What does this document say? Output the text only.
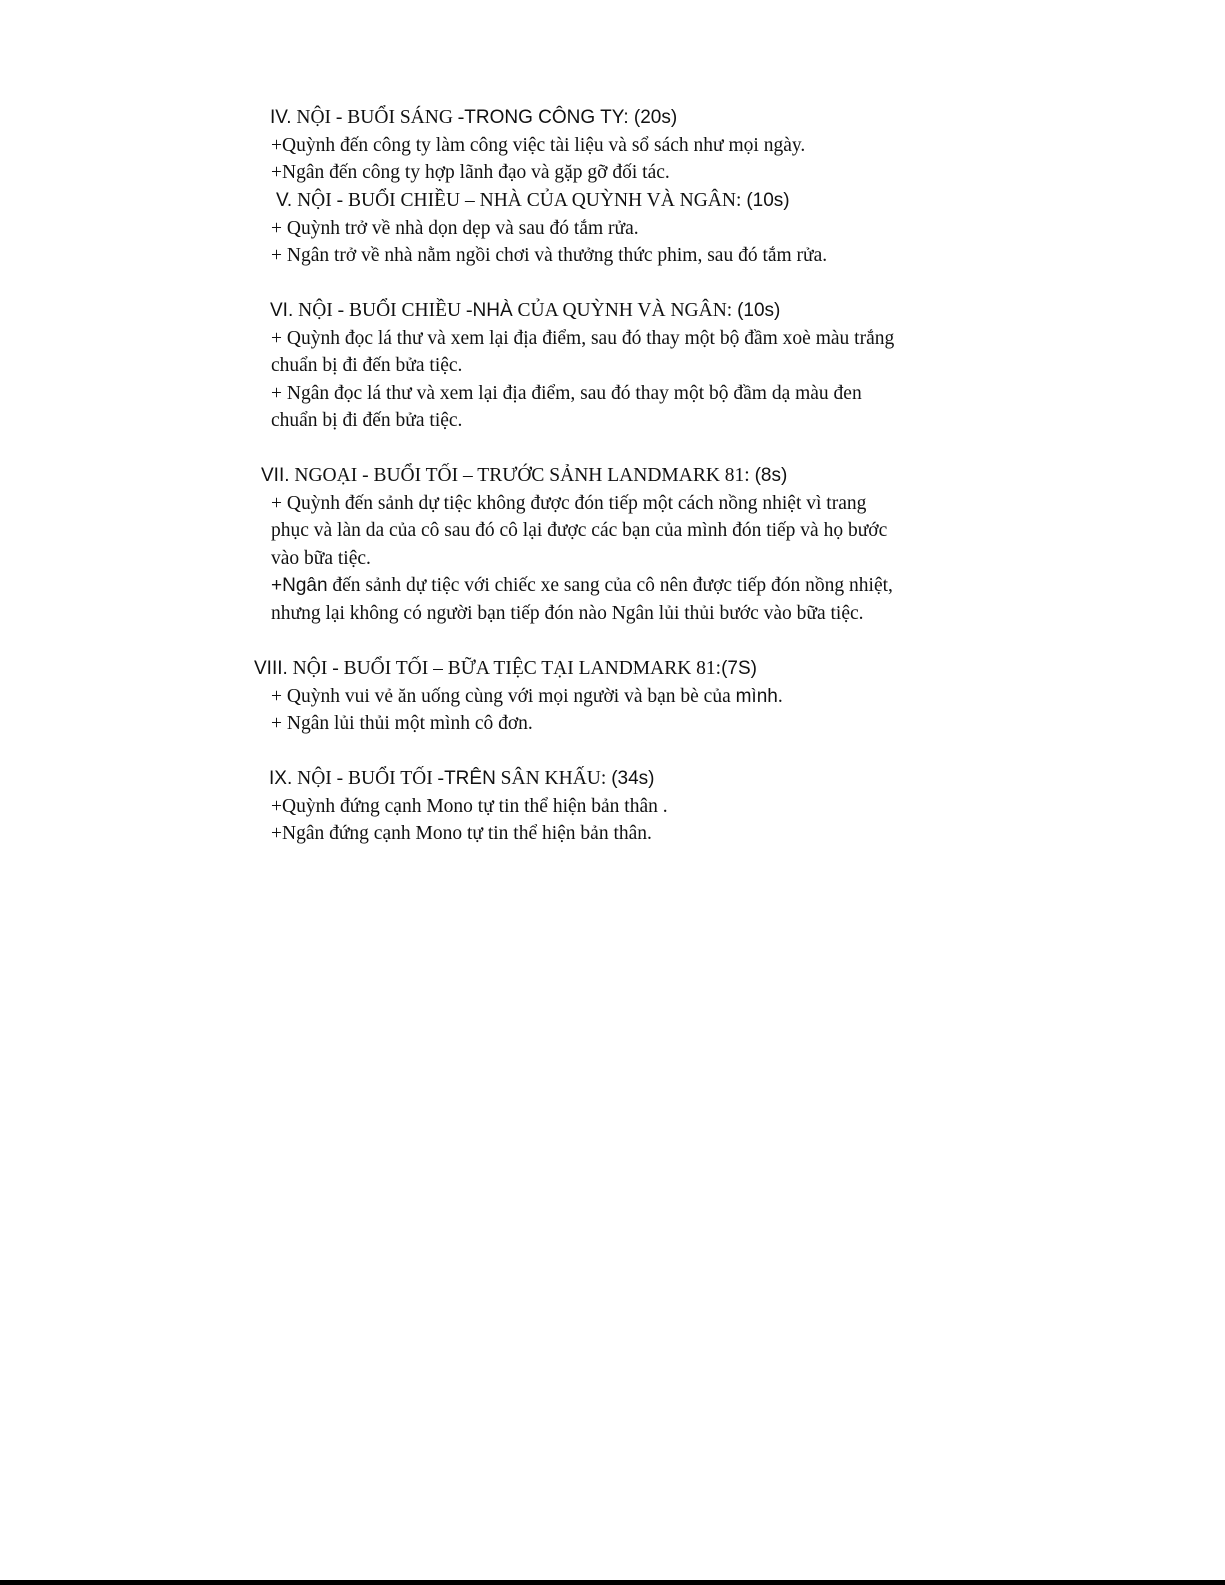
IV. NỘI - BUỔI SÁNG -TRONG CÔNG TY: (20s)
+Quỳnh đến công ty làm công việc tài liệu và sổ sách như mọi ngày.
+Ngân đến công ty hợp lãnh đạo và gặp gỡ đối tác.
V. NỘI - BUỔI CHIỀU – NHÀ CỦA QUỲNH VÀ NGÂN: (10s)
+ Quỳnh trở về nhà dọn dẹp và sau đó tắm rửa.
+ Ngân trở về nhà nằm ngồi chơi và thưởng thức phim, sau đó tắm rửa.
VI. NỘI - BUỔI CHIỀU -NHÀ CỦA QUỲNH VÀ NGÂN: (10s)
+ Quỳnh đọc lá thư và xem lại địa điểm, sau đó thay một bộ đầm xoè màu trắng
chuẩn bị đi đến bửa tiệc.
+ Ngân đọc lá thư và xem lại địa điểm, sau đó thay một bộ đầm dạ màu đen
chuẩn bị đi đến bửa tiệc.
VII. NGOẠI - BUỔI TỐI – TRƯỚC SẢNH LANDMARK 81: (8s)
+ Quỳnh đến sảnh dự tiệc không được đón tiếp một cách nồng nhiệt vì trang
phục và làn da của cô sau đó cô lại được các bạn của mình đón tiếp và họ bước
vào bữa tiệc.
+Ngân đến sảnh dự tiệc với chiếc xe sang của cô nên được tiếp đón nồng nhiệt,
nhưng lại không có người bạn tiếp đón nào Ngân lủi thủi bước vào bữa tiệc.
VIII. NỘI - BUỔI TỐI – BỮA TIỆC TẠI LANDMARK 81:(7S)
+ Quỳnh vui vẻ ăn uống cùng với mọi người và bạn bè của mình.
+ Ngân lủi thủi một mình cô đơn.
IX. NỘI - BUỔI TỐI -TRÊN SÂN KHẤU: (34s)
+Quỳnh đứng cạnh Mono tự tin thể hiện bản thân .
+Ngân đứng cạnh Mono tự tin thể hiện bản thân.
